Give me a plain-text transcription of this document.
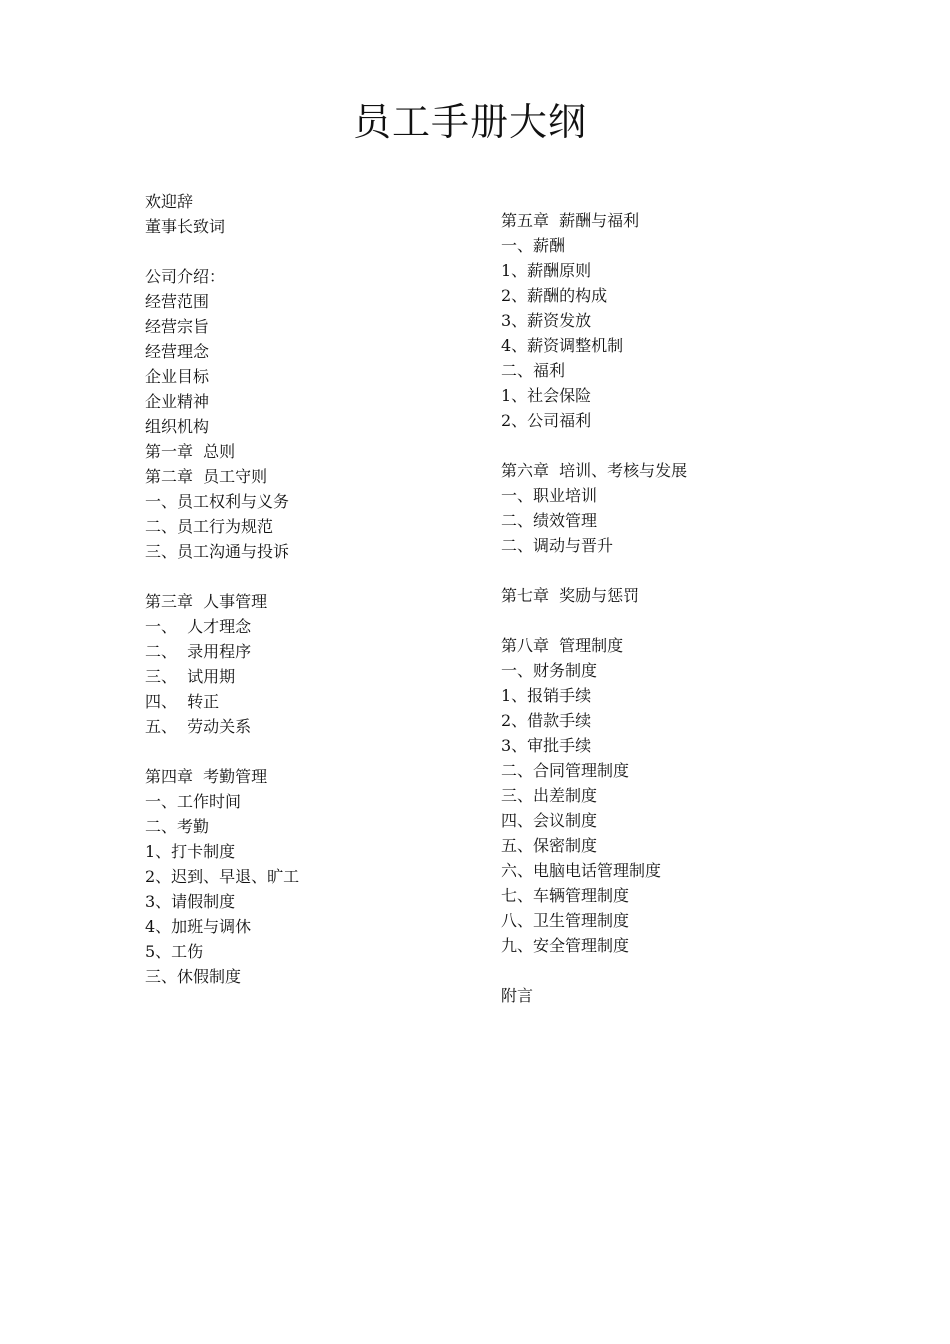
员工手册大纲
欢迎辞
董事长致词
公司介绍：
经营范围
经营宗旨
经营理念
企业目标
企业精神
组织机构
第一章  总则
第二章  员工守则
一、员工权利与义务
二、员工行为规范
三、员工沟通与投诉
第三章  人事管理
一、  人才理念
二、  录用程序
三、  试用期
四、  转正
五、  劳动关系
第四章  考勤管理
一、工作时间
二、考勤
1、打卡制度
2、迟到、早退、旷工
3、请假制度
4、加班与调休
5、工伤
三、休假制度
第五章  薪酬与福利
一、薪酬
1、薪酬原则
2、薪酬的构成
3、薪资发放
4、薪资调整机制
二、福利
1、社会保险
2、公司福利
第六章  培训、考核与发展
一、职业培训
二、绩效管理
二、调动与晋升
第七章  奖励与惩罚
第八章  管理制度
一、财务制度
1、报销手续
2、借款手续
3、审批手续
二、合同管理制度
三、出差制度
四、会议制度
五、保密制度
六、电脑电话管理制度
七、车辆管理制度
八、卫生管理制度
九、安全管理制度
附言
